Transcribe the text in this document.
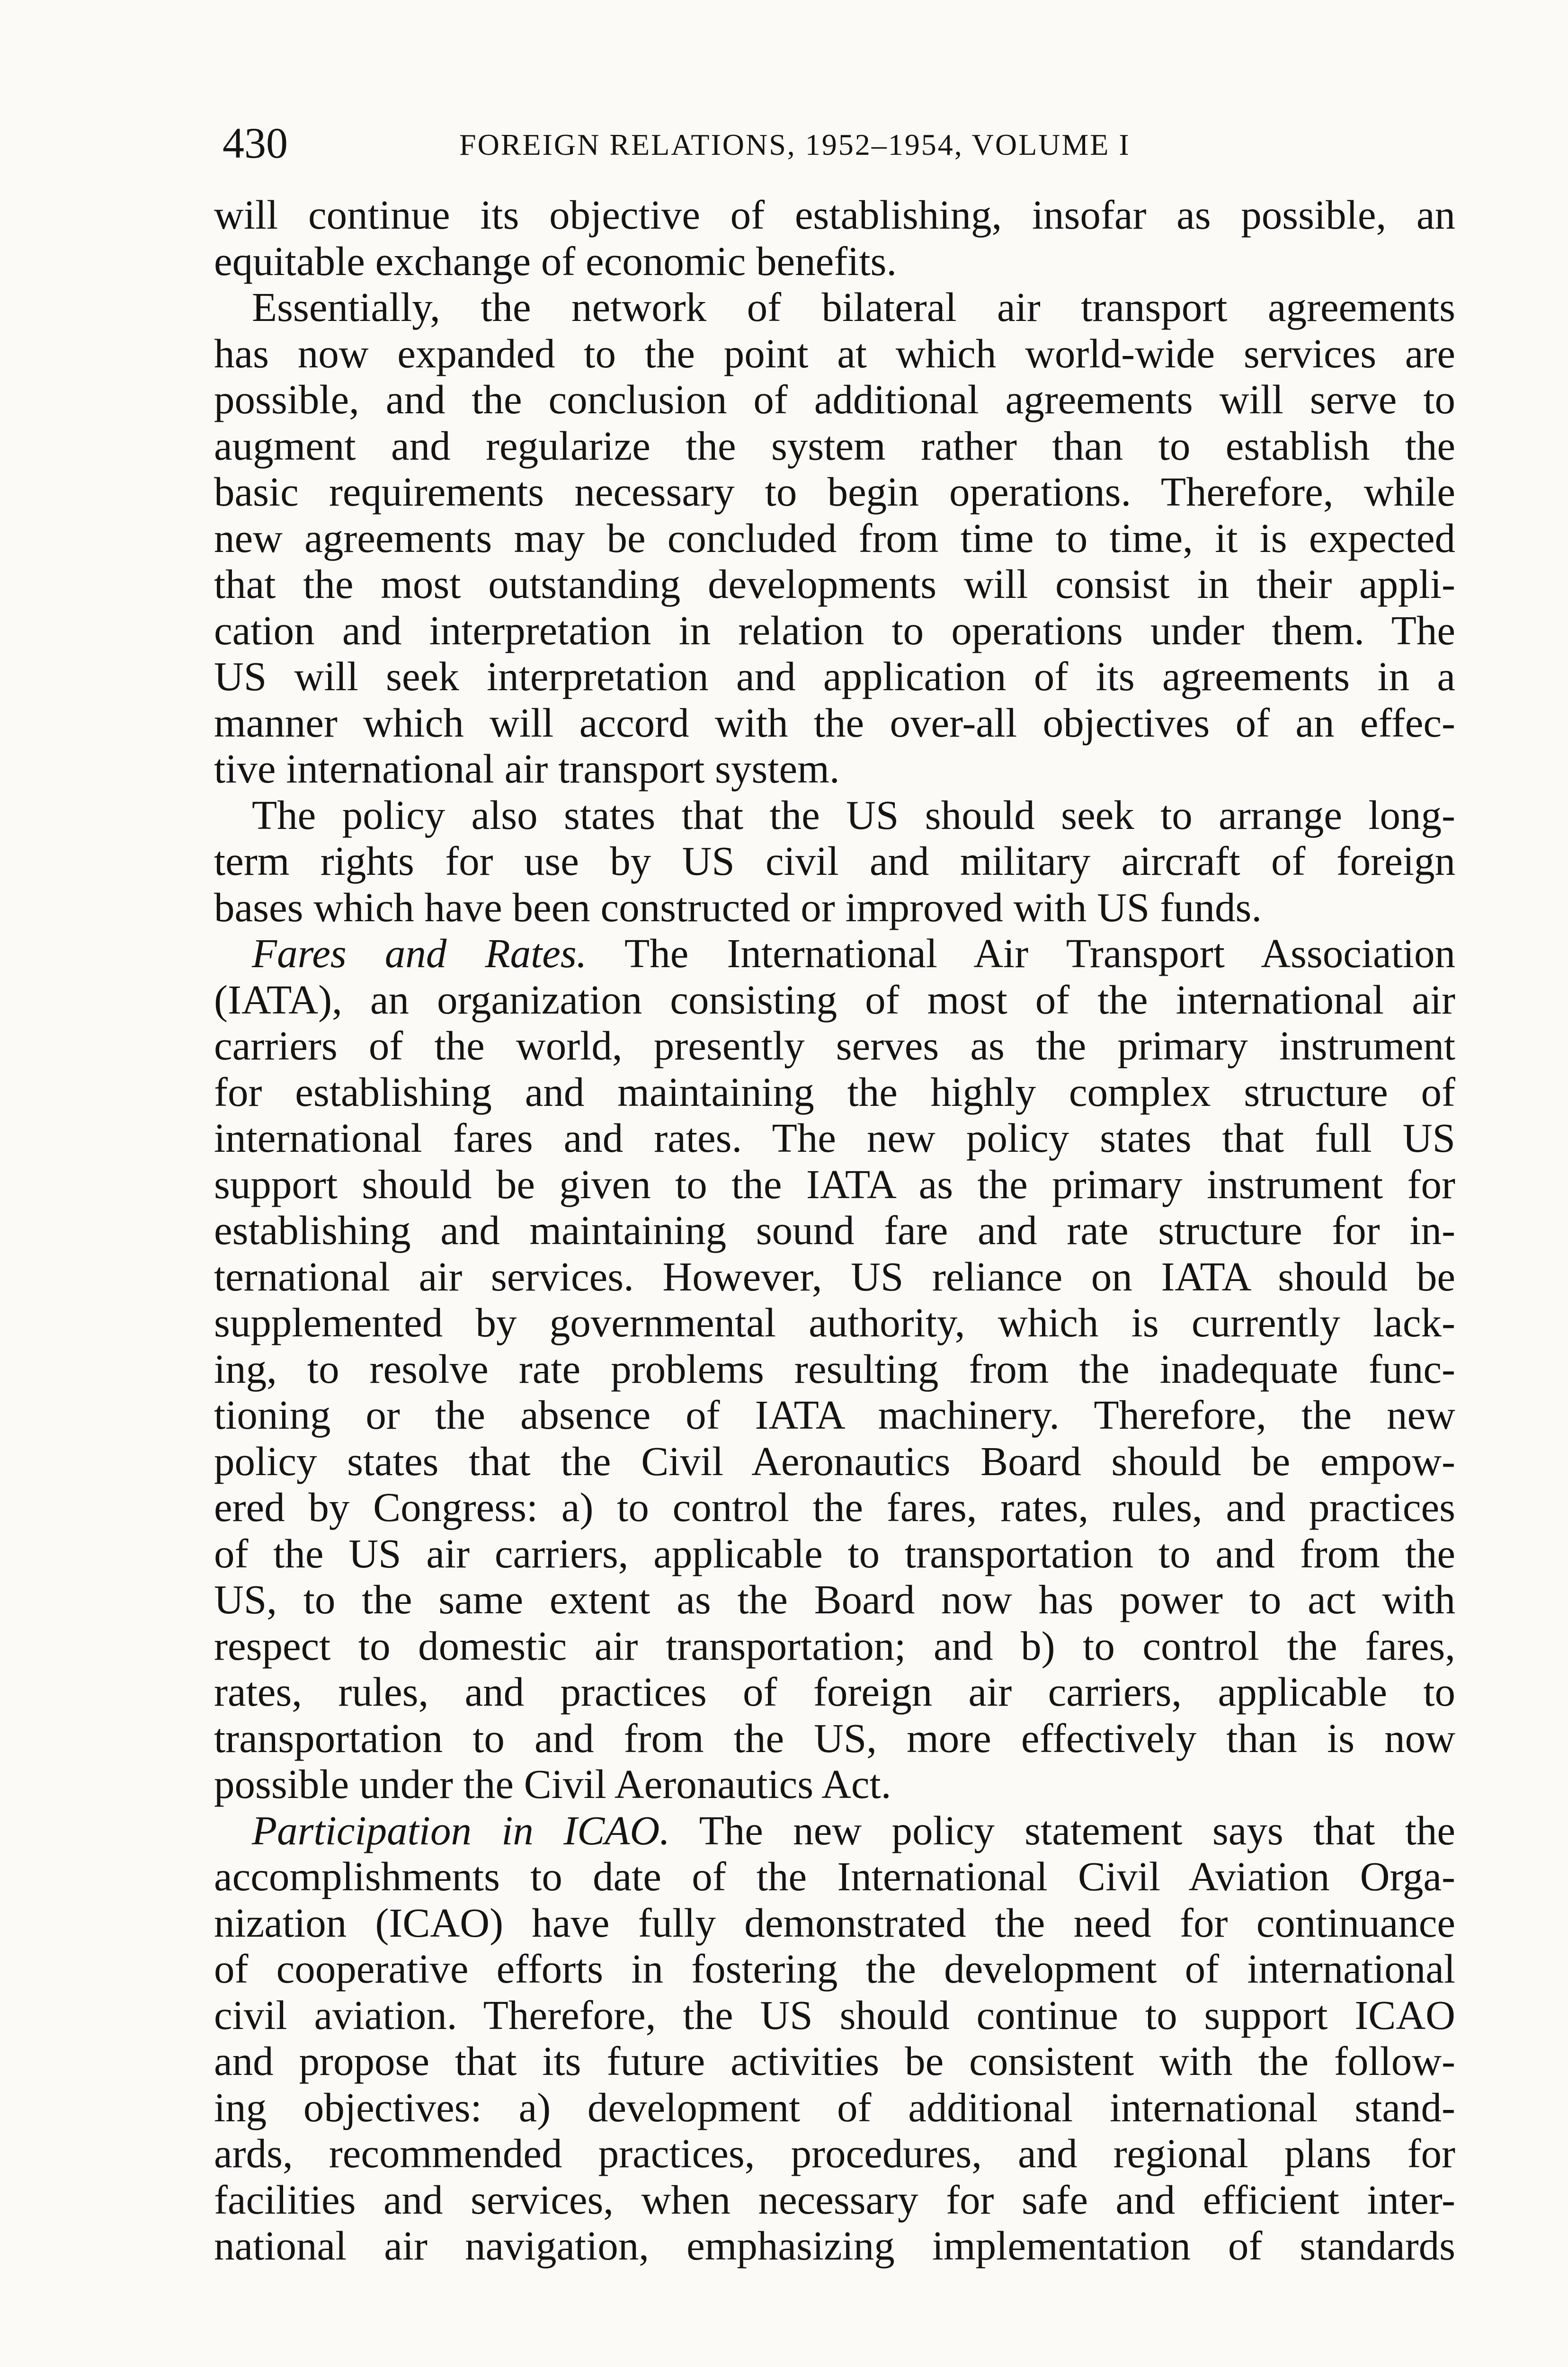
430	FOREIGN RELATIONS, 1952–1954, VOLUME I
will continue its objective of establishing, insofar as possible, an
equitable exchange of economic benefits.
Essentially, the network of bilateral air transport agreements
has now expanded to the point at which world-wide services are
possible, and the conclusion of additional agreements will serve to
augment and regularize the system rather than to establish the
basic requirements necessary to begin operations. Therefore, while
new agreements may be concluded from time to time, it is expected
that the most outstanding developments will consist in their appli-
cation and interpretation in relation to operations under them. The
US will seek interpretation and application of its agreements in a
manner which will accord with the over-all objectives of an effec-
tive international air transport system.
The policy also states that the US should seek to arrange long-
term rights for use by US civil and military aircraft of foreign
bases which have been constructed or improved with US funds.
Fares and Rates. The International Air Transport Association
(IATA), an organization consisting of most of the international air
carriers of the world, presently serves as the primary instrument
for establishing and maintaining the highly complex structure of
international fares and rates. The new policy states that full US
support should be given to the IATA as the primary instrument for
establishing and maintaining sound fare and rate structure for in-
ternational air services. However, US reliance on IATA should be
supplemented by governmental authority, which is currently lack-
ing, to resolve rate problems resulting from the inadequate func-
tioning or the absence of IATA machinery. Therefore, the new
policy states that the Civil Aeronautics Board should be empow-
ered by Congress: a) to control the fares, rates, rules, and practices
of the US air carriers, applicable to transportation to and from the
US, to the same extent as the Board now has power to act with
respect to domestic air transportation; and b) to control the fares,
rates, rules, and practices of foreign air carriers, applicable to
transportation to and from the US, more effectively than is now
possible under the Civil Aeronautics Act.
Participation in ICAO. The new policy statement says that the
accomplishments to date of the International Civil Aviation Orga-
nization (ICAO) have fully demonstrated the need for continuance
of cooperative efforts in fostering the development of international
civil aviation. Therefore, the US should continue to support ICAO
and propose that its future activities be consistent with the follow-
ing objectives: a) development of additional international stand-
ards, recommended practices, procedures, and regional plans for
facilities and services, when necessary for safe and efficient inter-
national air navigation, emphasizing implementation of standards
